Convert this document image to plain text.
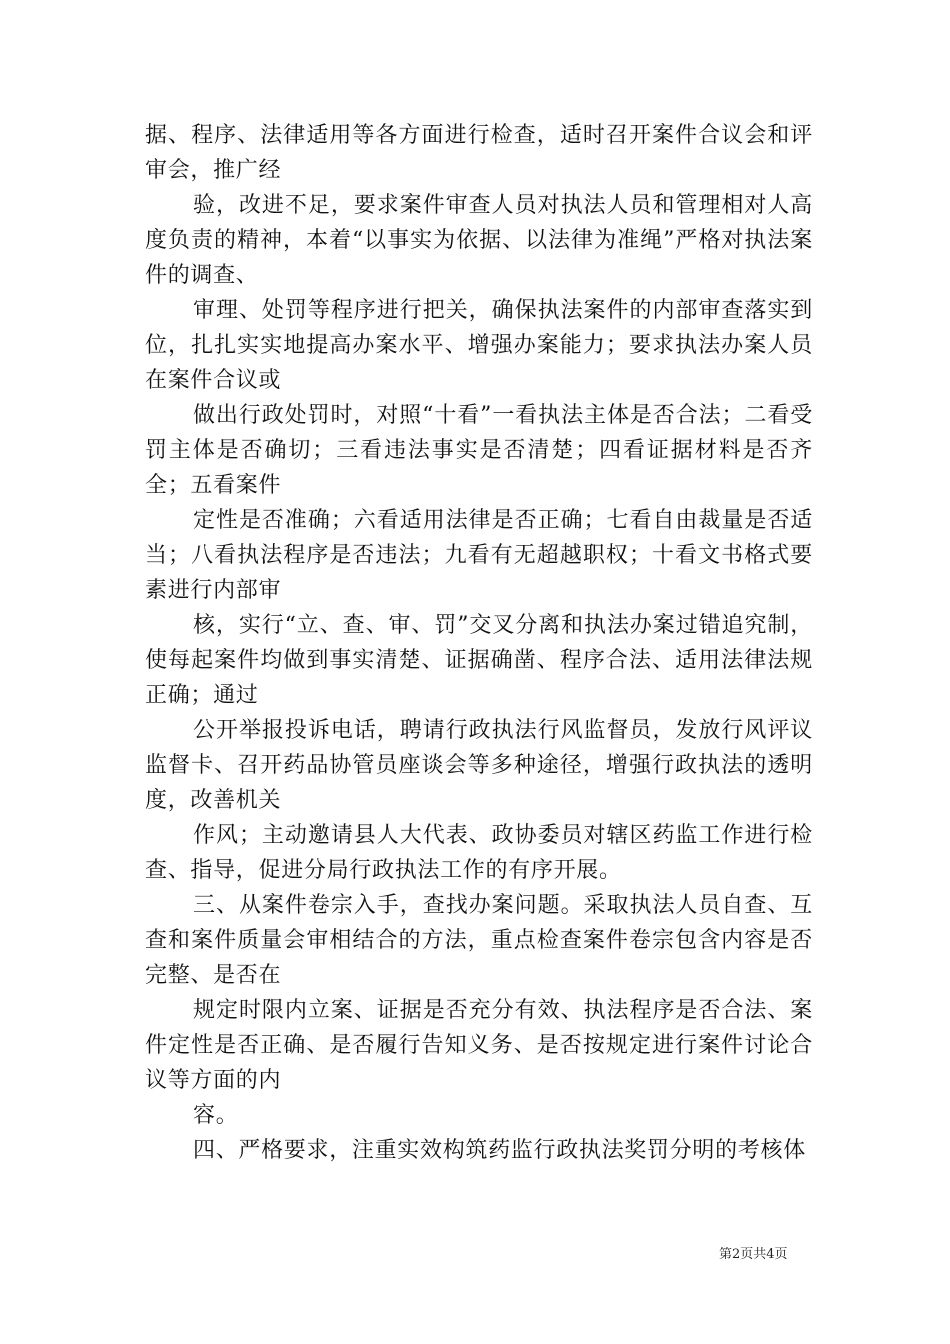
据、程序、法律适用等各方面进行检查，适时召开案件合议会和评审会，推广经

验，改进不足，要求案件审查人员对执法人员和管理相对人高度负责的精神，本着“以事实为依据、以法律为准绳”严格对执法案件的调查、

审理、处罚等程序进行把关，确保执法案件的内部审查落实到位，扎扎实实地提高办案水平、增强办案能力；要求执法办案人员在案件合议或

做出行政处罚时，对照“十看”一看执法主体是否合法；二看受罚主体是否确切；三看违法事实是否清楚；四看证据材料是否齐全；五看案件

定性是否准确；六看适用法律是否正确；七看自由裁量是否适当；八看执法程序是否违法；九看有无超越职权；十看文书格式要素进行内部审

核，实行“立、查、审、罚”交叉分离和执法办案过错追究制，使每起案件均做到事实清楚、证据确凿、程序合法、适用法律法规正确；通过

公开举报投诉电话，聘请行政执法行风监督员，发放行风评议监督卡、召开药品协管员座谈会等多种途径，增强行政执法的透明度，改善机关

作风；主动邀请县人大代表、政协委员对辖区药监工作进行检查、指导，促进分局行政执法工作的有序开展。

三、从案件卷宗入手，查找办案问题。采取执法人员自查、互查和案件质量会审相结合的方法，重点检查案件卷宗包含内容是否完整、是否在

规定时限内立案、证据是否充分有效、执法程序是否合法、案件定性是否正确、是否履行告知义务、是否按规定进行案件讨论合议等方面的内

容。

四、严格要求，注重实效构筑药监行政执法奖罚分明的考核体

第2页共4页
